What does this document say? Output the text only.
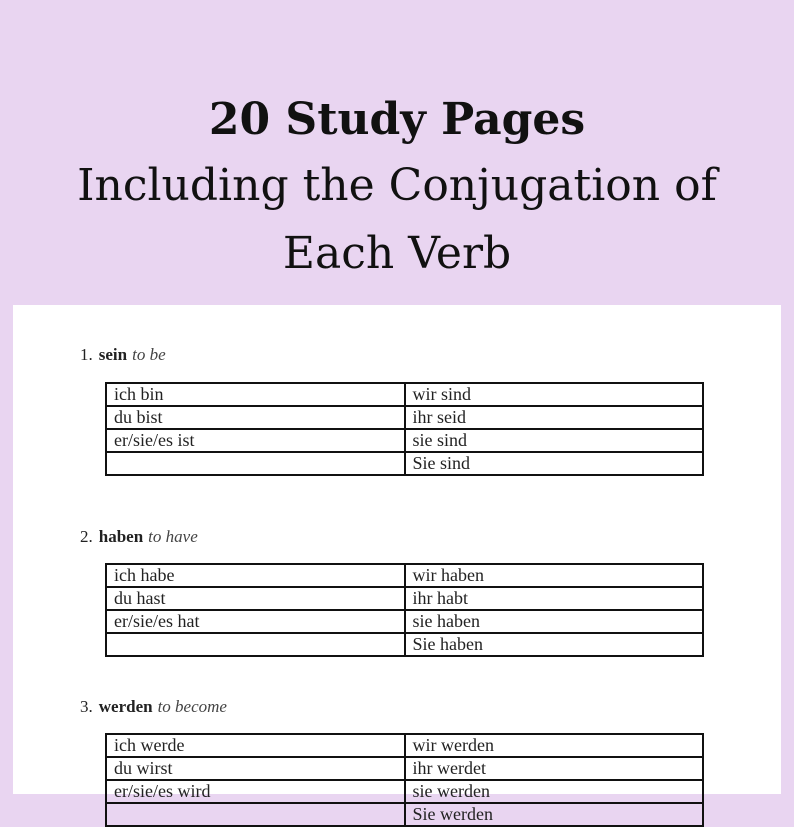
20 Study Pages
Including the Conjugation of
Each Verb
1. sein to be
ich bin	wir sind
du bist	ihr seid
er/sie/es ist	sie sind
	Sie sind
2. haben to have
ich habe	wir haben
du hast	ihr habt
er/sie/es hat	sie haben
	Sie haben
3. werden to become
ich werde	wir werden
du wirst	ihr werdet
er/sie/es wird	sie werden
	Sie werden
